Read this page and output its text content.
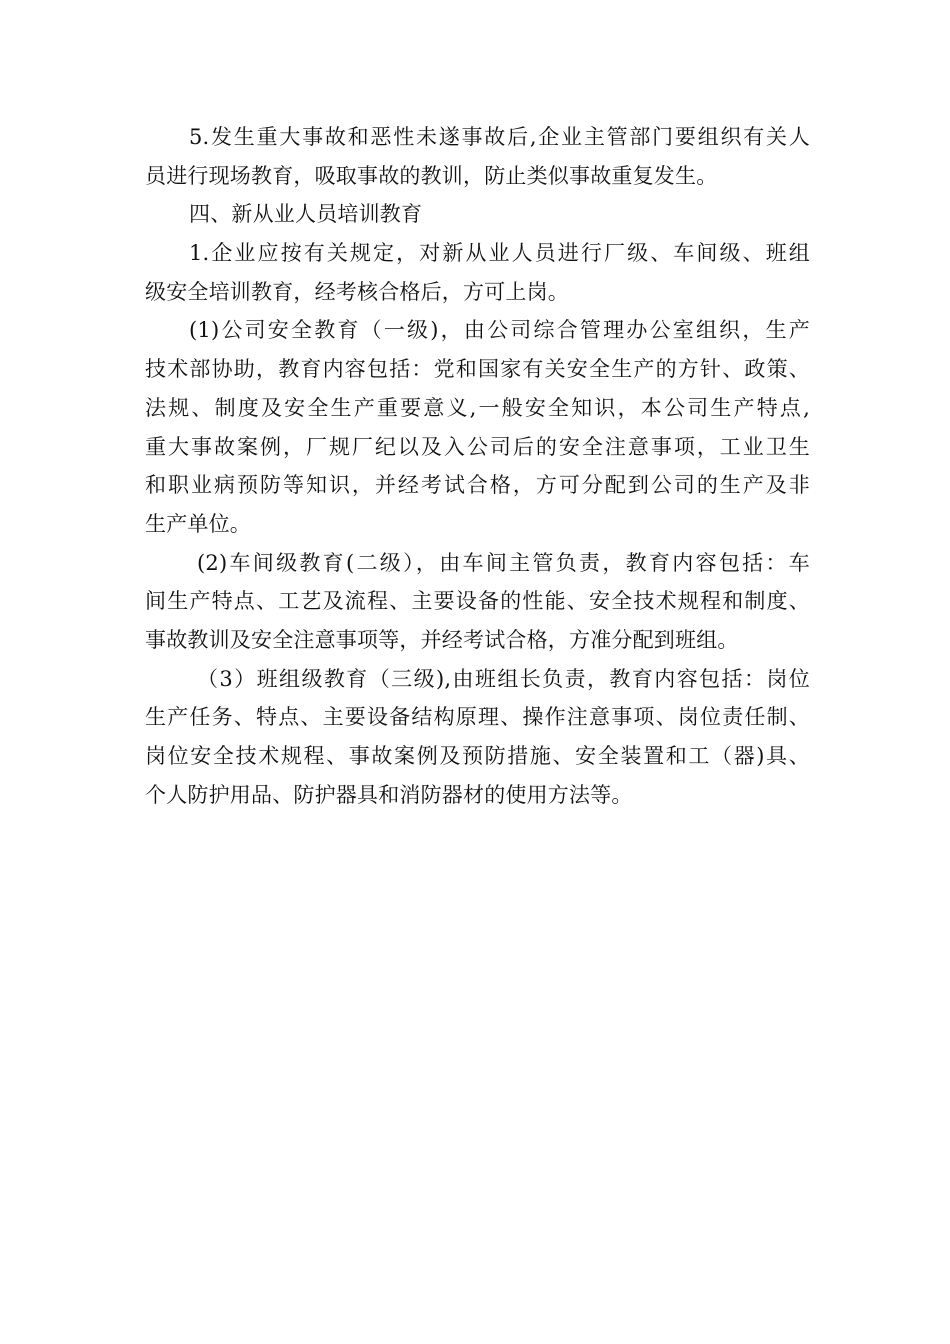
5.发生重大事故和恶性未遂事故后,企业主管部门要组织有关人
员进行现场教育，吸取事故的教训，防止类似事故重复发生。
四、新从业人员培训教育
1.企业应按有关规定，对新从业人员进行厂级、车间级、班组
级安全培训教育，经考核合格后，方可上岗。
(1)公司安全教育（一级)，由公司综合管理办公室组织，生产
技术部协助，教育内容包括：党和国家有关安全生产的方针、政策、
法规、制度及安全生产重要意义,一般安全知识，本公司生产特点,
重大事故案例，厂规厂纪以及入公司后的安全注意事项，工业卫生
和职业病预防等知识，并经考试合格，方可分配到公司的生产及非
生产单位。
(2)车间级教育(二级），由车间主管负责，教育内容包括：车
间生产特点、工艺及流程、主要设备的性能、安全技术规程和制度、
事故教训及安全注意事项等，并经考试合格，方准分配到班组。
（3）班组级教育（三级),由班组长负责，教育内容包括：岗位
生产任务、特点、主要设备结构原理、操作注意事项、岗位责任制、
岗位安全技术规程、事故案例及预防措施、安全装置和工（器)具、
个人防护用品、防护器具和消防器材的使用方法等。
